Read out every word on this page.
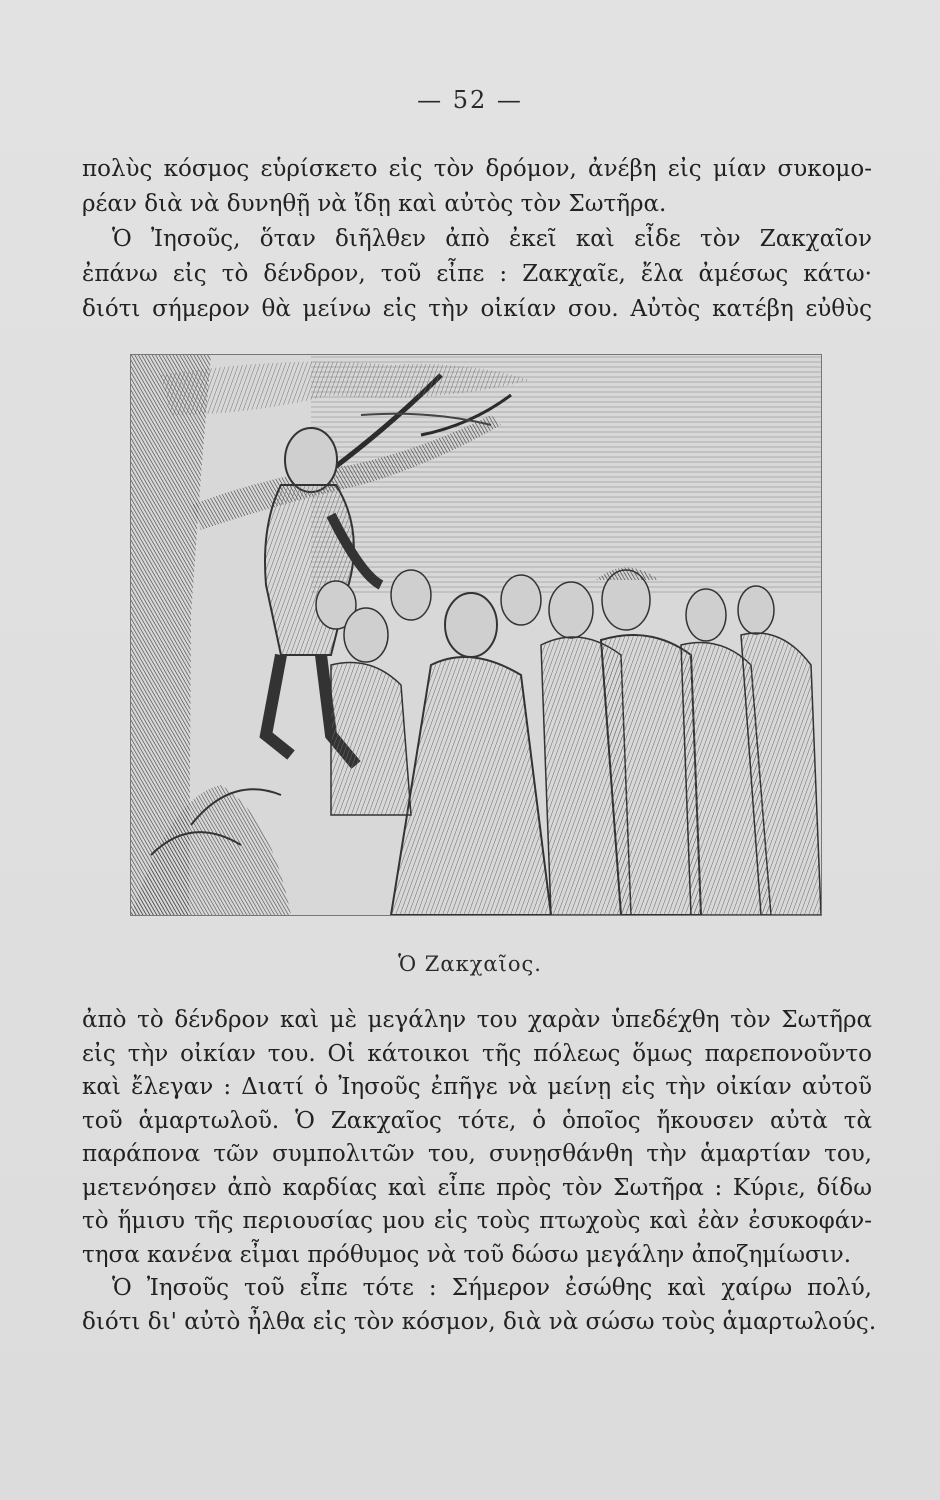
— 52 —
πολὺς κόσμος εὑρίσκετο εἰς τὸν δρόμον, ἀνέβη εἰς μίαν συκομο-
ρέαν διὰ νὰ δυνηθῇ νὰ ἴδῃ καὶ αὐτὸς τὸν Σωτῆρα.
Ὁ Ἰησοῦς, ὅταν διῆλθεν ἀπὸ ἐκεῖ καὶ εἶδε τὸν Ζακχαῖον
ἐπάνω εἰς τὸ δένδρον, τοῦ εἶπε : Ζακχαῖε, ἔλα ἀμέσως κάτω·
διότι σήμερον θὰ μείνω εἰς τὴν οἰκίαν σου. Αὐτὸς κατέβη εὐθὺς
Ὁ Ζακχαῖος.
ἀπὸ τὸ δένδρον καὶ μὲ μεγάλην του χαρὰν ὑπεδέχθη τὸν Σωτῆρα
εἰς τὴν οἰκίαν του. Οἱ κάτοικοι τῆς πόλεως ὅμως παρεπονοῦντο
καὶ ἔλεγαν : Διατί ὁ Ἰησοῦς ἐπῆγε νὰ μείνῃ εἰς τὴν οἰκίαν αὐτοῦ
τοῦ ἁμαρτωλοῦ. Ὁ Ζακχαῖος τότε, ὁ ὁποῖος ἤκουσεν αὐτὰ τὰ
παράπονα τῶν συμπολιτῶν του, συνῃσθάνθη τὴν ἁμαρτίαν του,
μετενόησεν ἀπὸ καρδίας καὶ εἶπε πρὸς τὸν Σωτῆρα : Κύριε, δίδω
τὸ ἥμισυ τῆς περιουσίας μου εἰς τοὺς πτωχοὺς καὶ ἐὰν ἐσυκοφάν-
τησα κανένα εἶμαι πρόθυμος νὰ τοῦ δώσω μεγάλην ἀποζημίωσιν.
Ὁ Ἰησοῦς τοῦ εἶπε τότε : Σήμερον ἐσώθης καὶ χαίρω πολύ,
διότι δι' αὐτὸ ἦλθα εἰς τὸν κόσμον, διὰ νὰ σώσω τοὺς ἁμαρτωλούς.
